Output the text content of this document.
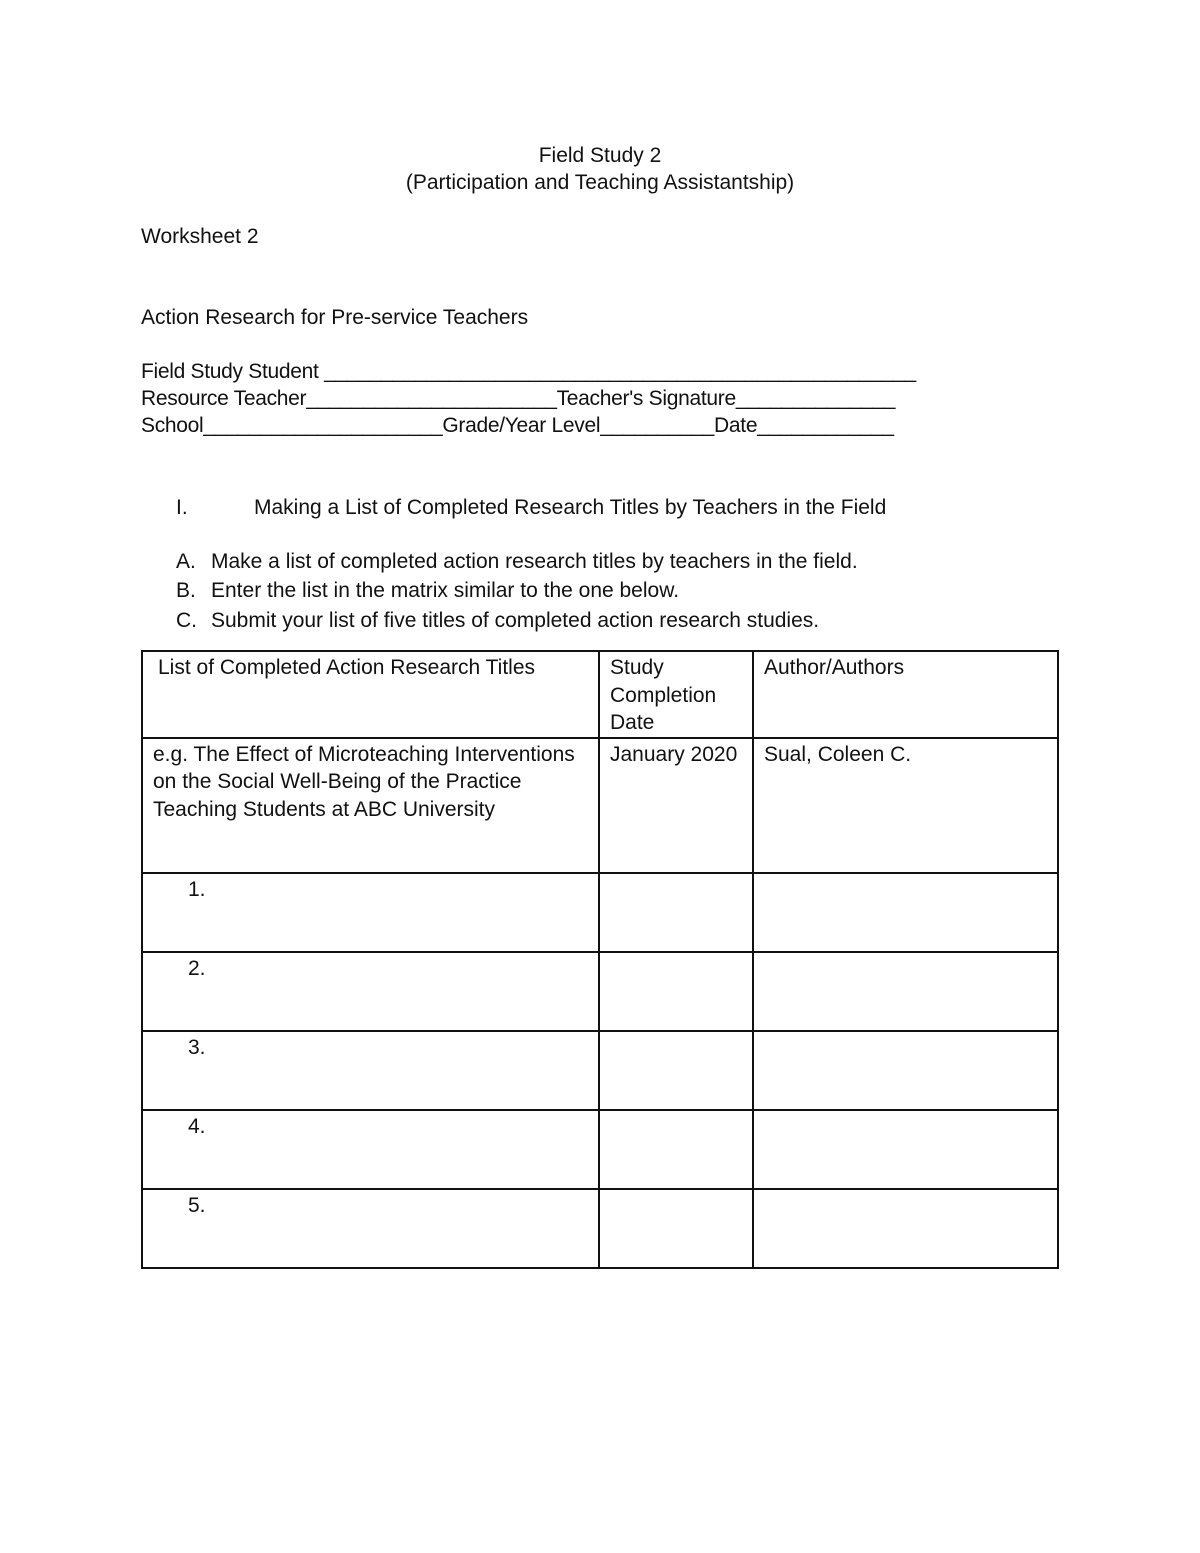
Field Study 2
(Participation and Teaching Assistantship)
Worksheet 2
Action Research for Pre-service Teachers
Field Study Student ____________________________________________________
Resource Teacher______________________Teacher's Signature______________
School_____________________Grade/Year Level__________Date____________
I.	Making a List of Completed Research Titles by Teachers in the Field
A. Make a list of completed action research titles by teachers in the field.
B. Enter the list in the matrix similar to the one below.
C. Submit your list of five titles of completed action research studies.
List of Completed Action Research Titles	Study Completion Date	Author/Authors
e.g. The Effect of Microteaching Interventions on the Social Well-Being of the Practice Teaching Students at ABC University	January 2020	Sual, Coleen C.
1.		
2.		
3.		
4.		
5.		
